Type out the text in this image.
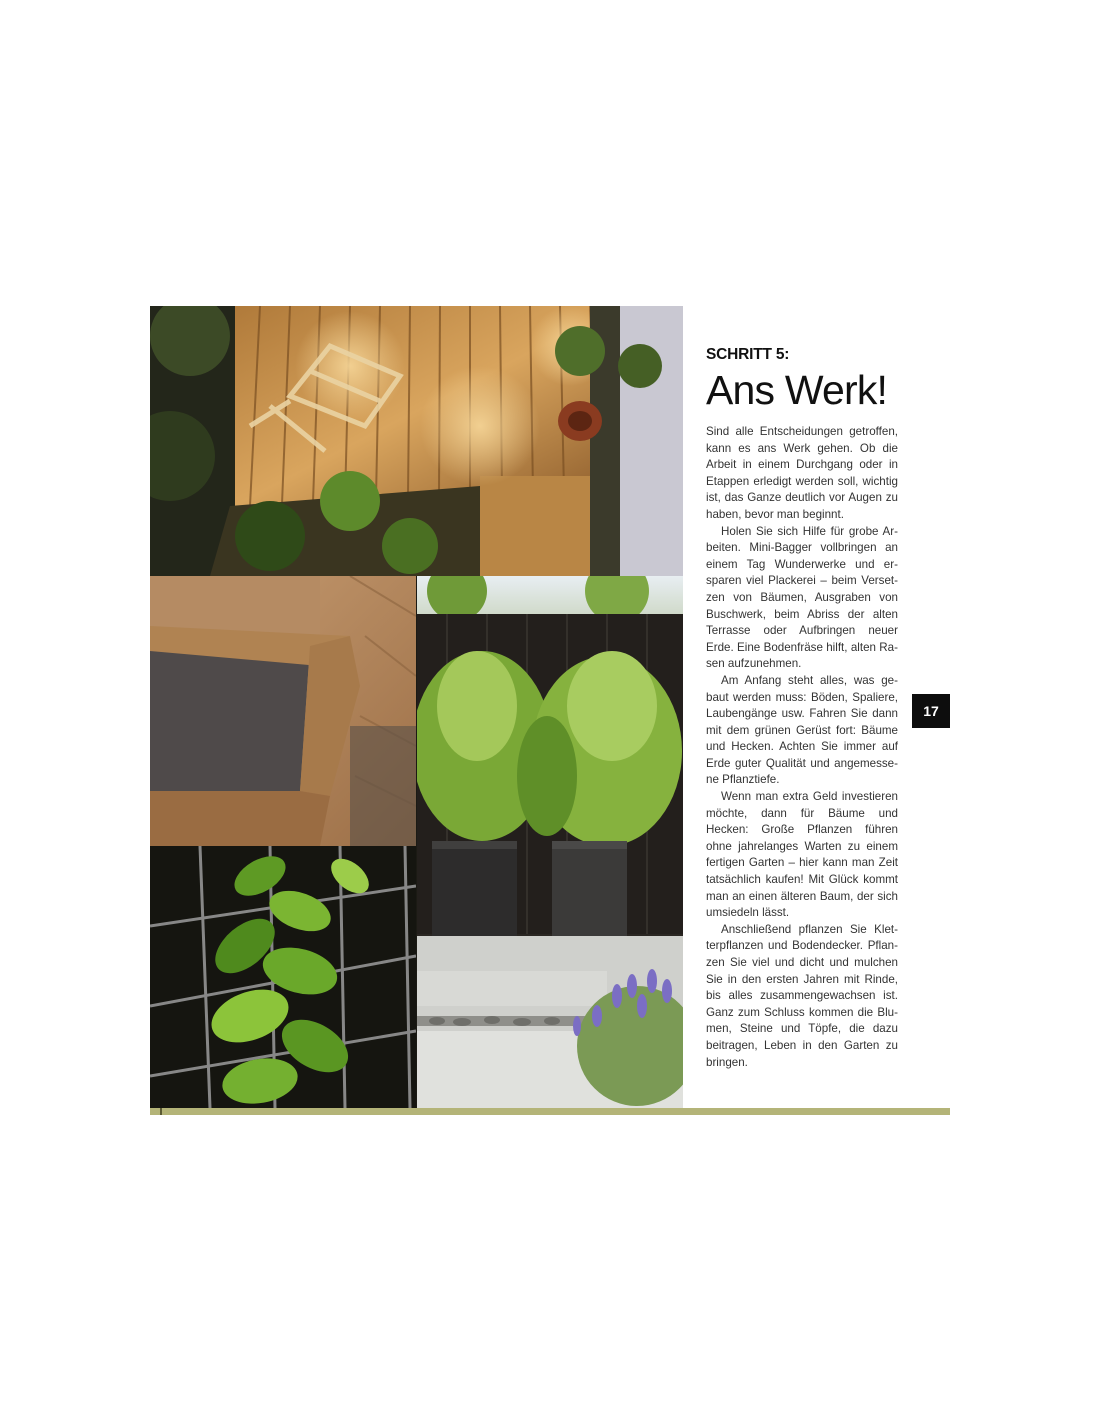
SCHRITT 5:
Ans Werk!

Sind alle Entscheidungen getroffen, kann es ans Werk gehen. Ob die Arbeit in einem Durchgang oder in Etappen erledigt werden soll, wichtig ist, das Ganze deutlich vor Augen zu haben, bevor man beginnt.

Holen Sie sich Hilfe für grobe Arbeiten. Mini-Bagger vollbringen an einem Tag Wunderwerke und ersparen viel Plackerei – beim Versetzen von Bäumen, Ausgraben von Buschwerk, beim Abriss der alten Terrasse oder Aufbringen neuer Erde. Eine Bodenfräse hilft, alten Rasen aufzunehmen.

Am Anfang steht alles, was gebaut werden muss: Böden, Spaliere, Laubengänge usw. Fahren Sie dann mit dem grünen Gerüst fort: Bäume und Hecken. Achten Sie immer auf Erde guter Qualität und angemessene Pflanztiefe.

Wenn man extra Geld investieren möchte, dann für Bäume und Hecken: Große Pflanzen führen ohne jahrelanges Warten zu einem fertigen Garten – hier kann man Zeit tatsächlich kaufen! Mit Glück kommt man an einen älteren Baum, der sich umsiedeln lässt.

Anschließend pflanzen Sie Kletterpflanzen und Bodendecker. Pflanzen Sie viel und dicht und mulchen Sie in den ersten Jahren mit Rinde, bis alles zusammengewachsen ist. Ganz zum Schluss kommen die Blumen, Steine und Töpfe, die dazu beitragen, Leben in den Garten zu bringen.

17
